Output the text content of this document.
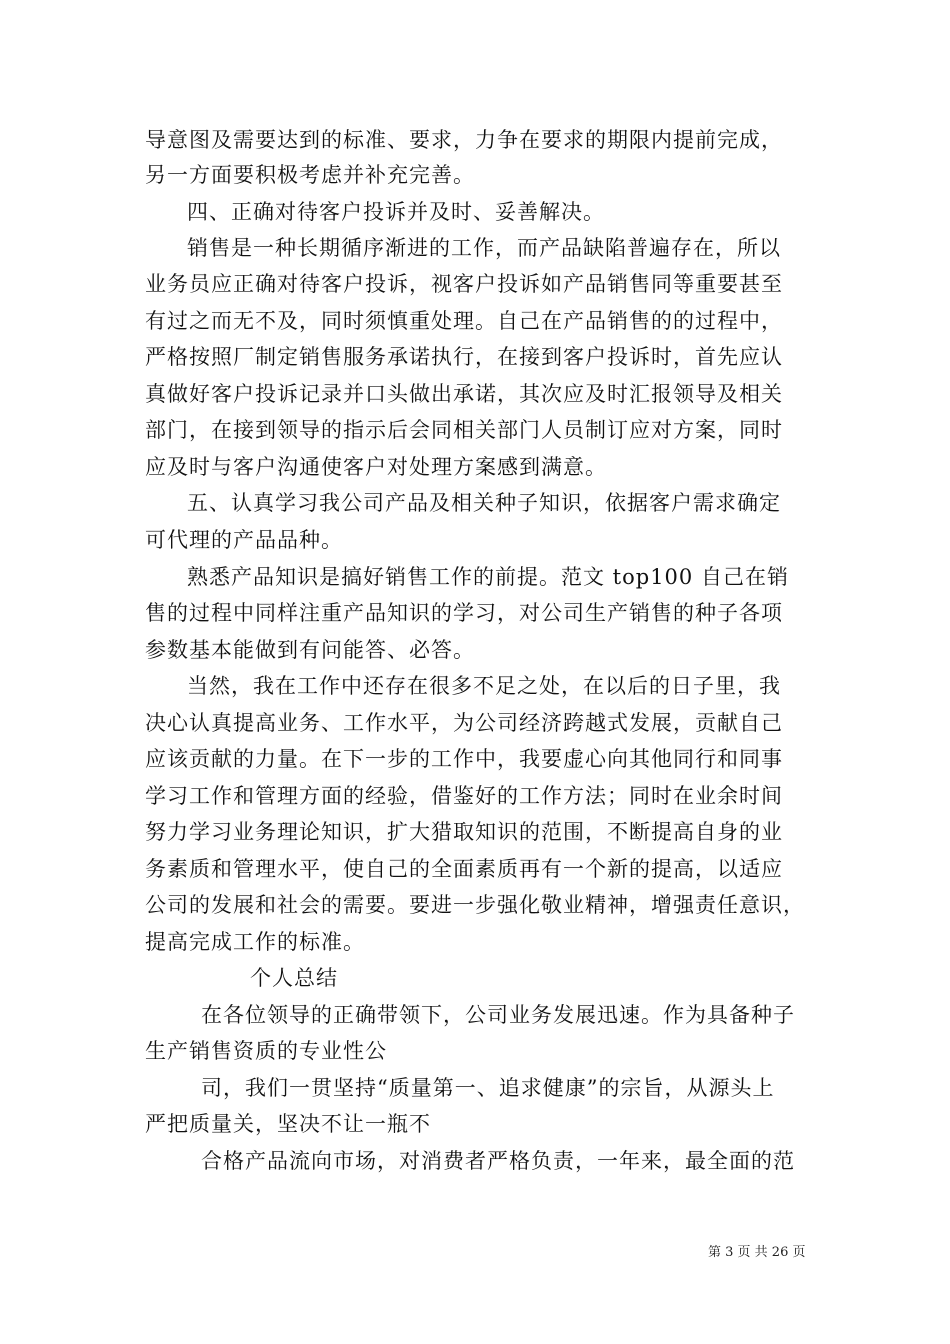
导意图及需要达到的标准、要求，力争在要求的期限内提前完成，
另一方面要积极考虑并补充完善。
四、正确对待客户投诉并及时、妥善解决。
销售是一种长期循序渐进的工作，而产品缺陷普遍存在，所以
业务员应正确对待客户投诉，视客户投诉如产品销售同等重要甚至
有过之而无不及，同时须慎重处理。自己在产品销售的的过程中，
严格按照厂制定销售服务承诺执行，在接到客户投诉时，首先应认
真做好客户投诉记录并口头做出承诺，其次应及时汇报领导及相关
部门，在接到领导的指示后会同相关部门人员制订应对方案，同时
应及时与客户沟通使客户对处理方案感到满意。
五、认真学习我公司产品及相关种子知识，依据客户需求确定
可代理的产品品种。
熟悉产品知识是搞好销售工作的前提。范文 top100 自己在销
售的过程中同样注重产品知识的学习，对公司生产销售的种子各项
参数基本能做到有问能答、必答。
当然，我在工作中还存在很多不足之处，在以后的日子里，我
决心认真提高业务、工作水平，为公司经济跨越式发展，贡献自己
应该贡献的力量。在下一步的工作中，我要虚心向其他同行和同事
学习工作和管理方面的经验，借鉴好的工作方法；同时在业余时间
努力学习业务理论知识，扩大猎取知识的范围，不断提高自身的业
务素质和管理水平，使自己的全面素质再有一个新的提高，以适应
公司的发展和社会的需要。要进一步强化敬业精神，增强责任意识，
提高完成工作的标准。
个人总结
在各位领导的正确带领下，公司业务发展迅速。作为具备种子
生产销售资质的专业性公
司，我们一贯坚持“质量第一、追求健康”的宗旨，从源头上
严把质量关，坚决不让一瓶不
合格产品流向市场，对消费者严格负责，一年来，最全面的范
第 3 页 共 26 页
